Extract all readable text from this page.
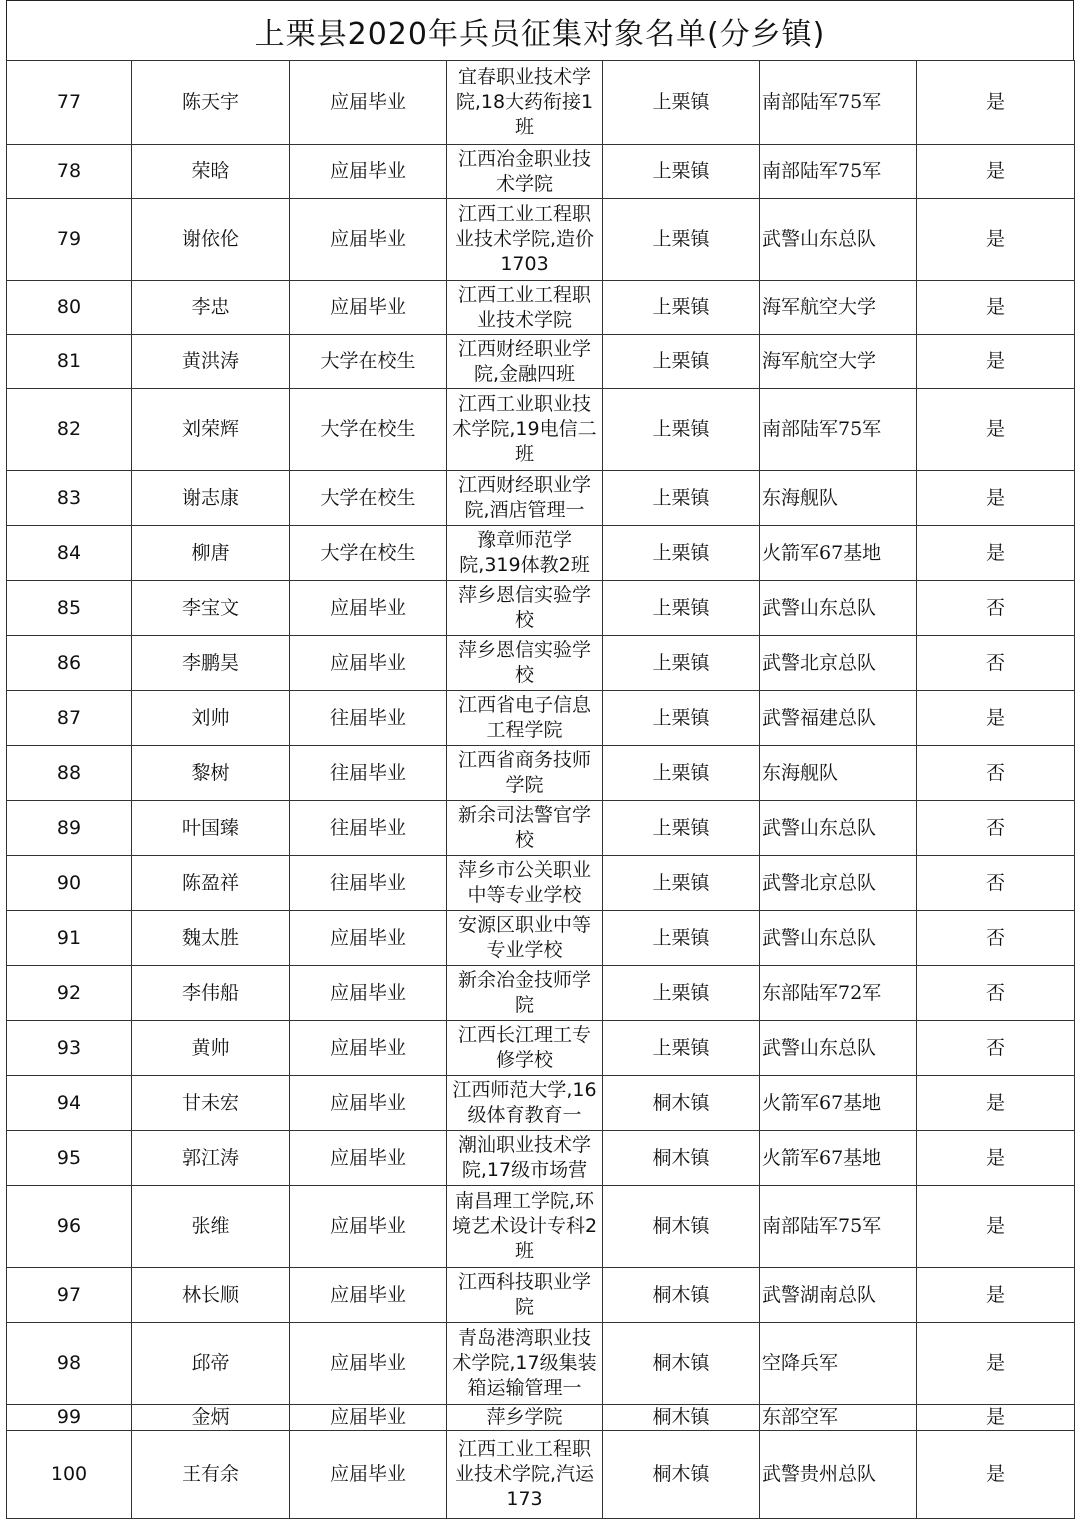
上栗县2020年兵员征集对象名单(分乡镇)
77	陈天宇	应届毕业	宜春职业技术学院,18大药衔接1班	上栗镇	南部陆军75军	是
78	荣晗	应届毕业	江西冶金职业技术学院	上栗镇	南部陆军75军	是
79	谢依伦	应届毕业	江西工业工程职业技术学院,造价1703	上栗镇	武警山东总队	是
80	李忠	应届毕业	江西工业工程职业技术学院	上栗镇	海军航空大学	是
81	黄洪涛	大学在校生	江西财经职业学院,金融四班	上栗镇	海军航空大学	是
82	刘荣辉	大学在校生	江西工业职业技术学院,19电信二班	上栗镇	南部陆军75军	是
83	谢志康	大学在校生	江西财经职业学院,酒店管理一	上栗镇	东海舰队	是
84	柳唐	大学在校生	豫章师范学院,319体教2班	上栗镇	火箭军67基地	是
85	李宝文	应届毕业	萍乡恩信实验学校	上栗镇	武警山东总队	否
86	李鹏昊	应届毕业	萍乡恩信实验学校	上栗镇	武警北京总队	否
87	刘帅	往届毕业	江西省电子信息工程学院	上栗镇	武警福建总队	是
88	黎树	往届毕业	江西省商务技师学院	上栗镇	东海舰队	否
89	叶国臻	往届毕业	新余司法警官学校	上栗镇	武警山东总队	否
90	陈盈祥	往届毕业	萍乡市公关职业中等专业学校	上栗镇	武警北京总队	否
91	魏太胜	应届毕业	安源区职业中等专业学校	上栗镇	武警山东总队	否
92	李伟船	应届毕业	新余冶金技师学院	上栗镇	东部陆军72军	否
93	黄帅	应届毕业	江西长江理工专修学校	上栗镇	武警山东总队	否
94	甘未宏	应届毕业	江西师范大学,16级体育教育一	桐木镇	火箭军67基地	是
95	郭江涛	应届毕业	潮汕职业技术学院,17级市场营	桐木镇	火箭军67基地	是
96	张维	应届毕业	南昌理工学院,环境艺术设计专科2班	桐木镇	南部陆军75军	是
97	林长顺	应届毕业	江西科技职业学院	桐木镇	武警湖南总队	是
98	邱帝	应届毕业	青岛港湾职业技术学院,17级集装箱运输管理一	桐木镇	空降兵军	是
99	金炳	应届毕业	萍乡学院	桐木镇	东部空军	是
100	王有余	应届毕业	江西工业工程职业技术学院,汽运173	桐木镇	武警贵州总队	是
